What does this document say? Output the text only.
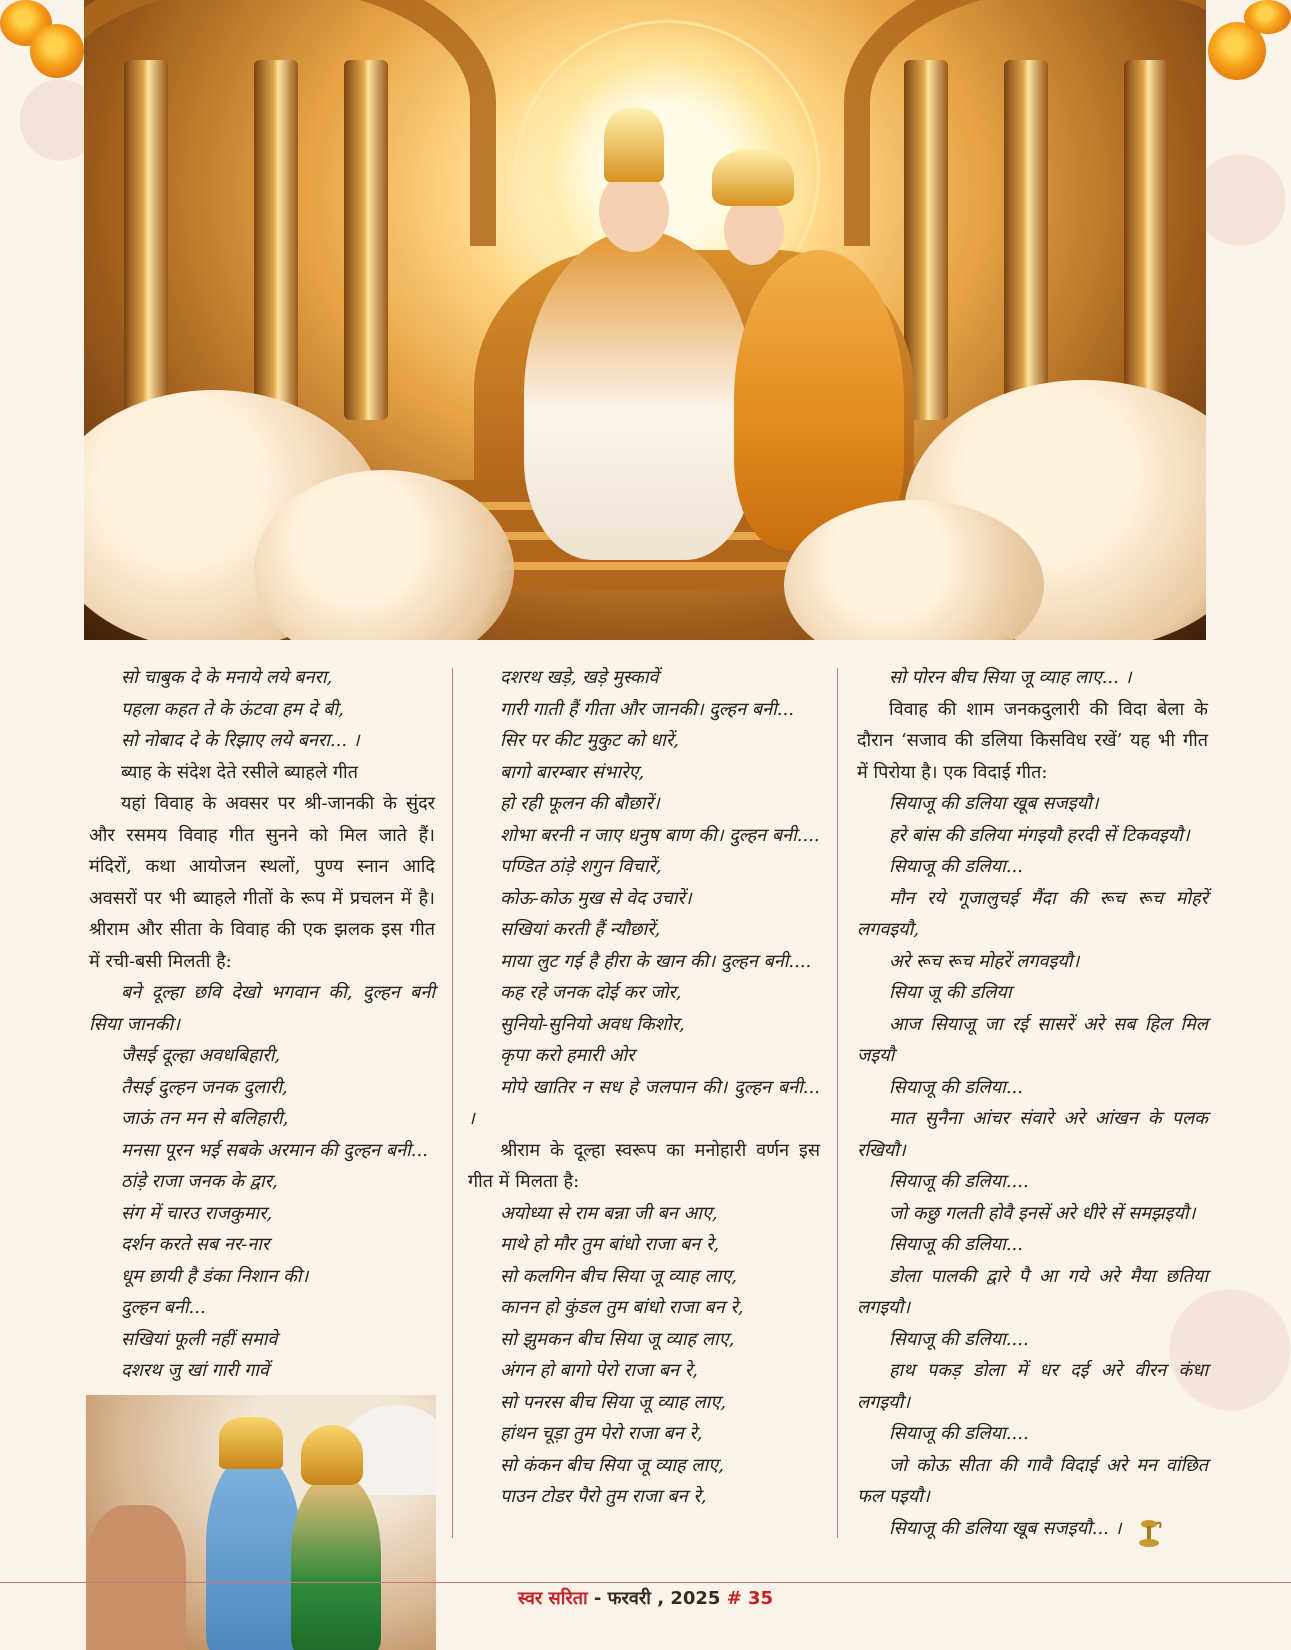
सो चाबुक दे के मनाये लये बनरा,

पहला कहत ते के ऊंटवा हम दे बी,

सो नोबाद दे के रिझाए लये बनरा... ।

ब्याह के संदेश देते रसीले ब्याहले गीत

यहां विवाह के अवसर पर श्री-जानकी के सुंदर और रसमय विवाह गीत सुनने को मिल जाते हैं। मंदिरों, कथा आयोजन स्थलों, पुण्य स्नान आदि अवसरों पर भी ब्याहले गीतों के रूप में प्रचलन में है। श्रीराम और सीता के विवाह की एक झलक इस गीत में रची-बसी मिलती है:

बने दूल्हा छवि देखो भगवान की, दुल्हन बनी सिया जानकी।

जैसई दूल्हा अवधबिहारी,

तैसई दुल्हन जनक दुलारी,

जाऊं तन मन से बलिहारी,

मनसा पूरन भई सबके अरमान की दुल्हन बनी...

ठांड़े राजा जनक के द्वार,

संग में चारउ राजकुमार,

दर्शन करते सब नर-नार

धूम छायी है डंका निशान की।

दुल्हन बनी...

सखियां फूली नहीं समावे

दशरथ जु खां गारी गावें

दशरथ खड़े, खड़े मुस्कावें

गारी गाती हैं गीता और जानकी। दुल्हन बनी...

सिर पर कीट मुकुट को धारें,

बागो बारम्बार संभारेए,

हो रही फूलन की बौछारें।

शोभा बरनी न जाए धनुष बाण की। दुल्हन बनी....

पण्डित ठांड़े शगुन विचारें,

कोऊ-कोऊ मुख से वेद उचारें।

सखियां करती हैं न्यौछारें,

माया लुट गई है हीरा के खान की। दुल्हन बनी....

कह रहे जनक दोई कर जोर,

सुनियो-सुनियो अवध किशोर,

कृपा करो हमारी ओर

मोपे खातिर न सध हे जलपान की। दुल्हन बनी... ।

श्रीराम के दूल्हा स्वरूप का मनोहारी वर्णन इस गीत में मिलता है:

अयोध्या से राम बन्ना जी बन आए,

माथे हो मौर तुम बांधो राजा बन रे,

सो कलगिन बीच सिया जू व्याह लाए,

कानन हो कुंडल तुम बांधो राजा बन रे,

सो झुमकन बीच सिया जू व्याह लाए,

अंगन हो बागो पेरो राजा बन रे,

सो पनरस बीच सिया जू व्याह लाए,

हांथन चूड़ा तुम पेरो राजा बन रे,

सो कंकन बीच सिया जू व्याह लाए,

पाउन टोडर पैरो तुम राजा बन रे,

सो पोरन बीच सिया जू व्याह लाए... ।

विवाह की शाम जनकदुलारी की विदा बेला के दौरान ‘सजाव की डलिया किसविध रखें’ यह भी गीत में पिरोया है। एक विदाई गीत:

सियाजू की डलिया खूब सजइयौ।

हरे बांस की डलिया मंगइयौ हरदी सें टिकवइयौ।

सियाजू की डलिया...

मौन रये गूजालुचई मैंदा की रूच रूच मोहरें लगवइयौ,

अरे रूच रूच मोहरें लगवइयौ।

सिया जू की डलिया

आज सियाजू जा रई सासरें अरे सब हिल मिल जइयौ

सियाजू की डलिया...

मात सुनैना आंचर संवारे अरे आंखन के पलक रखियौ।

सियाजू की डलिया....

जो कछु गलती होवै इनसें अरे धीरे सें समझइयौ।

सियाजू की डलिया...

डोला पालकी द्वारे पै आ गये अरे मैया छतिया लगइयौ।

सियाजू की डलिया....

हाथ पकड़ डोला में धर दई अरे वीरन कंधा लगइयौ।

सियाजू की डलिया....

जो कोऊ सीता की गावै विदाई अरे मन वांछित फल पइयौ।

सियाजू की डलिया खूब सजइयौ... ।

स्वर सरिता - फरवरी , 2025 # 35
